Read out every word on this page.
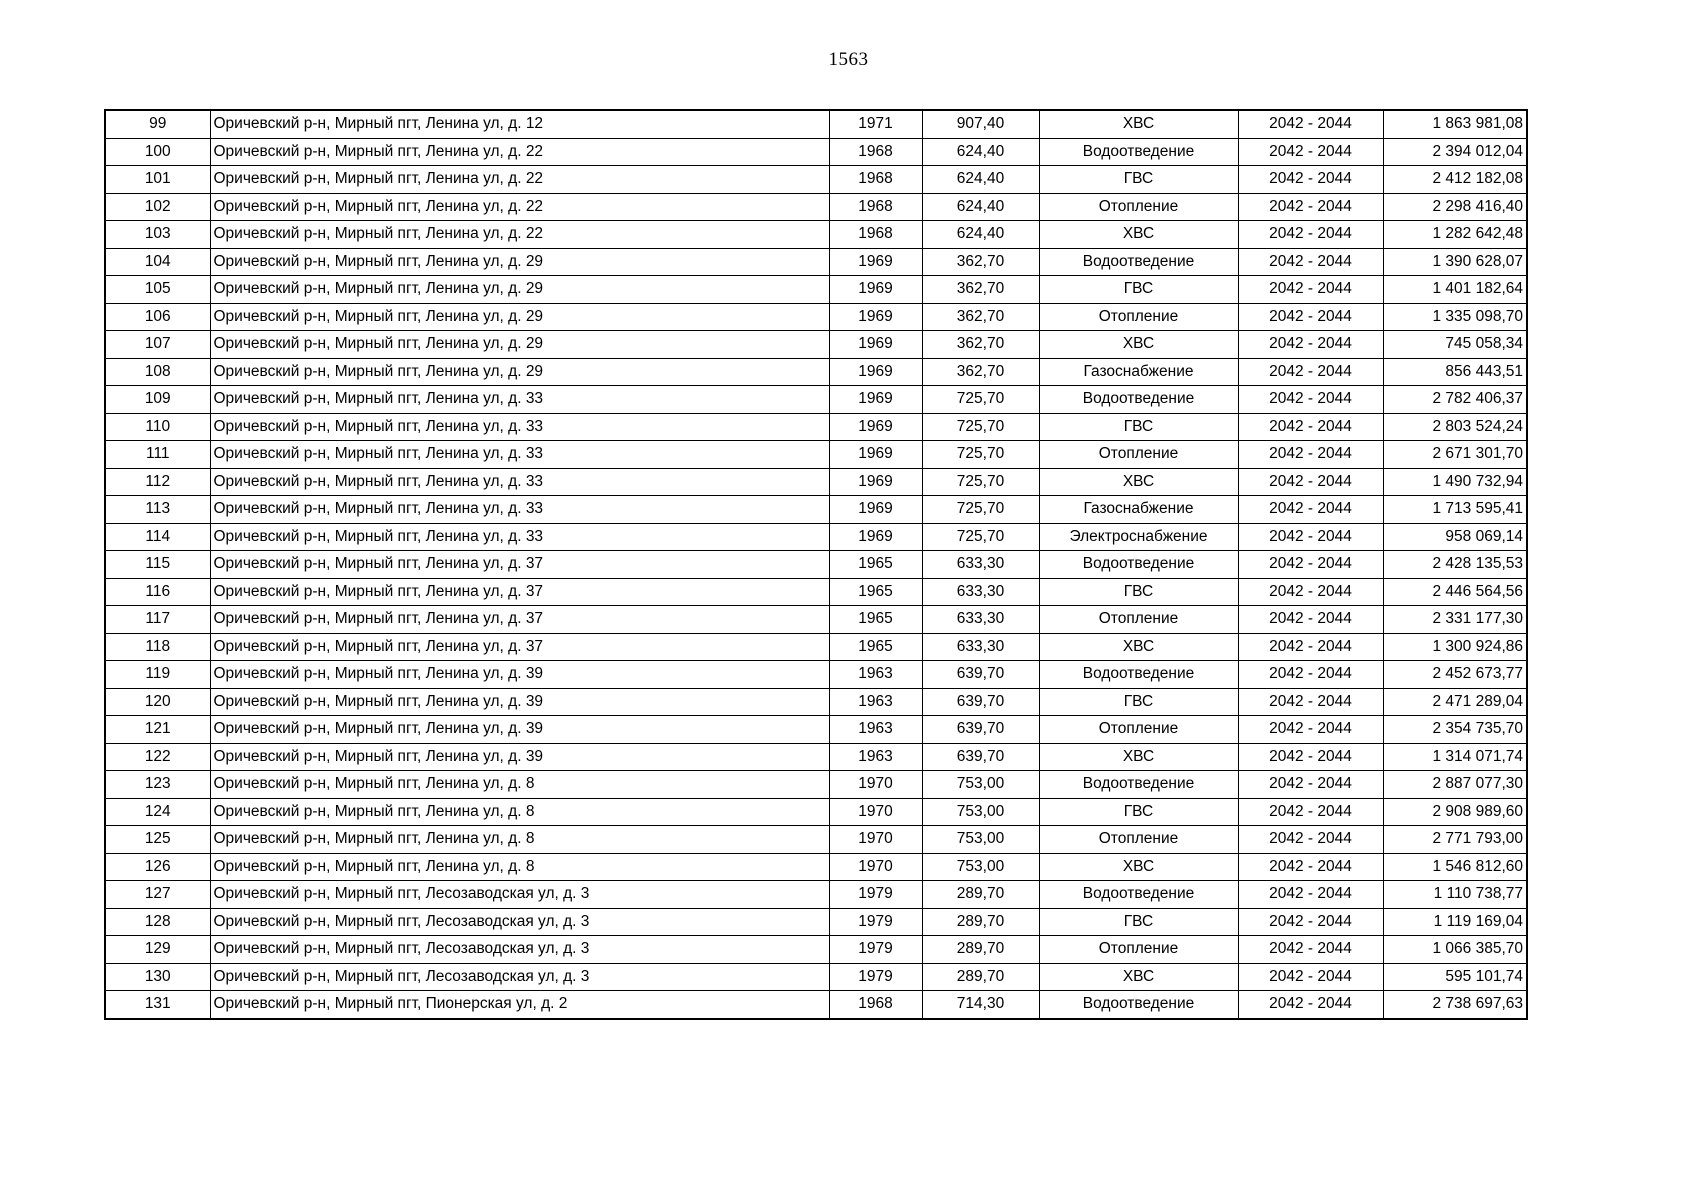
1563
99	Оричевский р-н, Мирный пгт, Ленина ул, д. 12	1971	907,40	ХВС	2042 - 2044	1 863 981,08
100	Оричевский р-н, Мирный пгт, Ленина ул, д. 22	1968	624,40	Водоотведение	2042 - 2044	2 394 012,04
101	Оричевский р-н, Мирный пгт, Ленина ул, д. 22	1968	624,40	ГВС	2042 - 2044	2 412 182,08
102	Оричевский р-н, Мирный пгт, Ленина ул, д. 22	1968	624,40	Отопление	2042 - 2044	2 298 416,40
103	Оричевский р-н, Мирный пгт, Ленина ул, д. 22	1968	624,40	ХВС	2042 - 2044	1 282 642,48
104	Оричевский р-н, Мирный пгт, Ленина ул, д. 29	1969	362,70	Водоотведение	2042 - 2044	1 390 628,07
105	Оричевский р-н, Мирный пгт, Ленина ул, д. 29	1969	362,70	ГВС	2042 - 2044	1 401 182,64
106	Оричевский р-н, Мирный пгт, Ленина ул, д. 29	1969	362,70	Отопление	2042 - 2044	1 335 098,70
107	Оричевский р-н, Мирный пгт, Ленина ул, д. 29	1969	362,70	ХВС	2042 - 2044	745 058,34
108	Оричевский р-н, Мирный пгт, Ленина ул, д. 29	1969	362,70	Газоснабжение	2042 - 2044	856 443,51
109	Оричевский р-н, Мирный пгт, Ленина ул, д. 33	1969	725,70	Водоотведение	2042 - 2044	2 782 406,37
110	Оричевский р-н, Мирный пгт, Ленина ул, д. 33	1969	725,70	ГВС	2042 - 2044	2 803 524,24
111	Оричевский р-н, Мирный пгт, Ленина ул, д. 33	1969	725,70	Отопление	2042 - 2044	2 671 301,70
112	Оричевский р-н, Мирный пгт, Ленина ул, д. 33	1969	725,70	ХВС	2042 - 2044	1 490 732,94
113	Оричевский р-н, Мирный пгт, Ленина ул, д. 33	1969	725,70	Газоснабжение	2042 - 2044	1 713 595,41
114	Оричевский р-н, Мирный пгт, Ленина ул, д. 33	1969	725,70	Электроснабжение	2042 - 2044	958 069,14
115	Оричевский р-н, Мирный пгт, Ленина ул, д. 37	1965	633,30	Водоотведение	2042 - 2044	2 428 135,53
116	Оричевский р-н, Мирный пгт, Ленина ул, д. 37	1965	633,30	ГВС	2042 - 2044	2 446 564,56
117	Оричевский р-н, Мирный пгт, Ленина ул, д. 37	1965	633,30	Отопление	2042 - 2044	2 331 177,30
118	Оричевский р-н, Мирный пгт, Ленина ул, д. 37	1965	633,30	ХВС	2042 - 2044	1 300 924,86
119	Оричевский р-н, Мирный пгт, Ленина ул, д. 39	1963	639,70	Водоотведение	2042 - 2044	2 452 673,77
120	Оричевский р-н, Мирный пгт, Ленина ул, д. 39	1963	639,70	ГВС	2042 - 2044	2 471 289,04
121	Оричевский р-н, Мирный пгт, Ленина ул, д. 39	1963	639,70	Отопление	2042 - 2044	2 354 735,70
122	Оричевский р-н, Мирный пгт, Ленина ул, д. 39	1963	639,70	ХВС	2042 - 2044	1 314 071,74
123	Оричевский р-н, Мирный пгт, Ленина ул, д. 8	1970	753,00	Водоотведение	2042 - 2044	2 887 077,30
124	Оричевский р-н, Мирный пгт, Ленина ул, д. 8	1970	753,00	ГВС	2042 - 2044	2 908 989,60
125	Оричевский р-н, Мирный пгт, Ленина ул, д. 8	1970	753,00	Отопление	2042 - 2044	2 771 793,00
126	Оричевский р-н, Мирный пгт, Ленина ул, д. 8	1970	753,00	ХВС	2042 - 2044	1 546 812,60
127	Оричевский р-н, Мирный пгт, Лесозаводская ул, д. 3	1979	289,70	Водоотведение	2042 - 2044	1 110 738,77
128	Оричевский р-н, Мирный пгт, Лесозаводская ул, д. 3	1979	289,70	ГВС	2042 - 2044	1 119 169,04
129	Оричевский р-н, Мирный пгт, Лесозаводская ул, д. 3	1979	289,70	Отопление	2042 - 2044	1 066 385,70
130	Оричевский р-н, Мирный пгт, Лесозаводская ул, д. 3	1979	289,70	ХВС	2042 - 2044	595 101,74
131	Оричевский р-н, Мирный пгт, Пионерская ул, д. 2	1968	714,30	Водоотведение	2042 - 2044	2 738 697,63
